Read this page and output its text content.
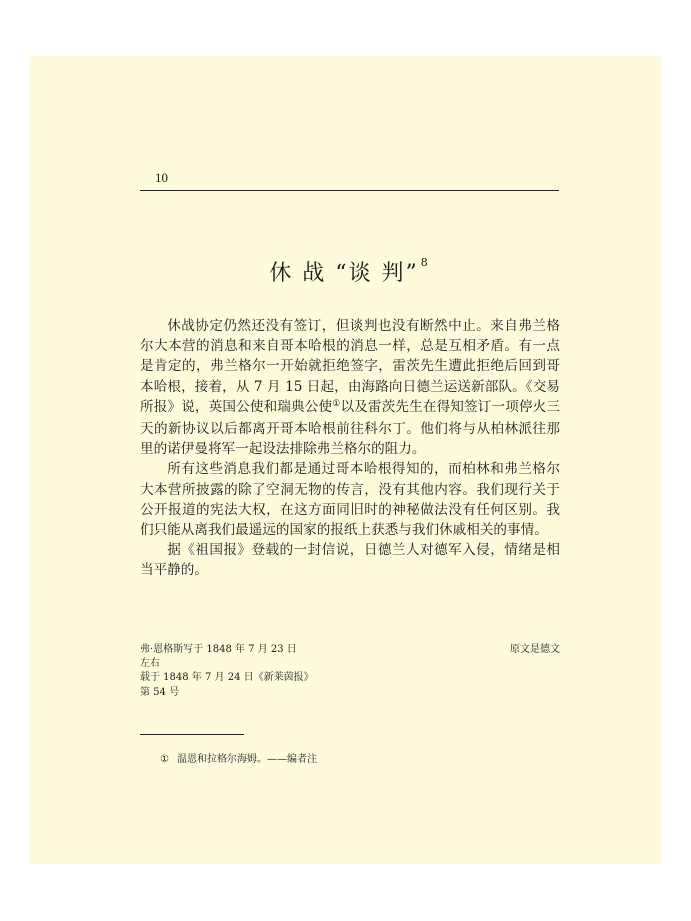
10
休 战 “谈 判” $^8$

休战协定仍然还没有签订，但谈判也没有断然中止。来自弗兰格尔大本营的消息和来自哥本哈根的消息一样，总是互相矛盾。有一点是肯定的，弗兰格尔一开始就拒绝签字，雷茨先生遭此拒绝后回到哥本哈根，接着，从 7 月 15 日起，由海路向日德兰运送新部队。《交易所报》说，英国公使和瑞典公使①以及雷茨先生在得知签订一项停火三天的新协议以后都离开哥本哈根前往科尔丁。他们将与从柏林派往那里的诺伊曼将军一起设法排除弗兰格尔的阻力。

所有这些消息我们都是通过哥本哈根得知的，而柏林和弗兰格尔大本营所披露的除了空洞无物的传言，没有其他内容。我们现行关于公开报道的宪法大权，在这方面同旧时的神秘做法没有任何区别。我们只能从离我们最遥远的国家的报纸上获悉与我们休戚相关的事情。

据《祖国报》登载的一封信说，日德兰人对德军入侵，情绪是相当平静的。

弗·恩格斯写于 1848 年 7 月 23 日
左右
载于 1848 年 7 月 24 日《新莱茵报》
第 54 号
原文是德文
① 温恩和拉格尔海姆。——编者注
